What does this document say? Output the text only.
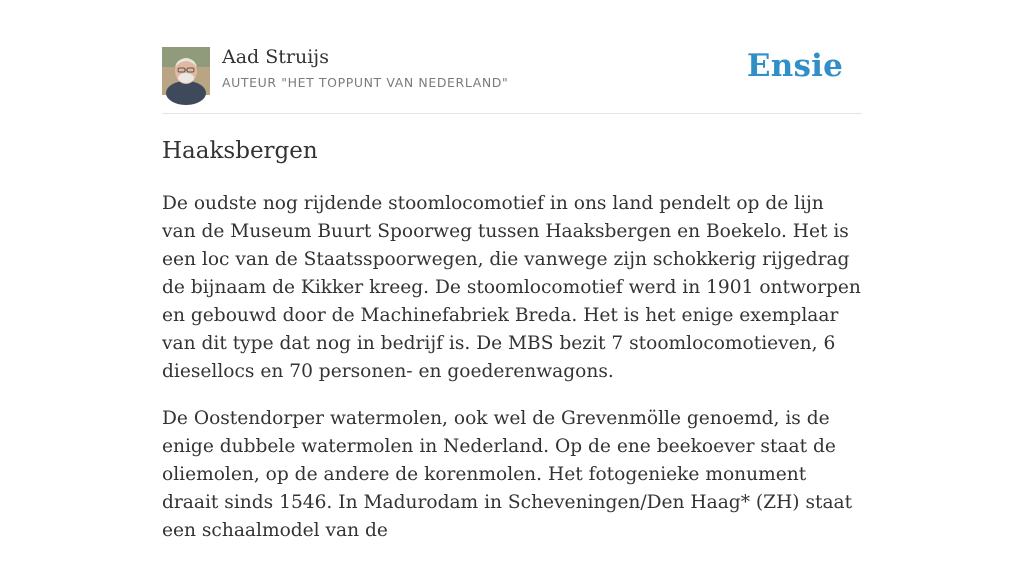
Aad Struijs
AUTEUR "HET TOPPUNT VAN NEDERLAND"	Ensie
Haaksbergen

De oudste nog rijdende stoomlocomotief in ons land pendelt op de lijn van de Museum Buurt Spoorweg tussen Haaksbergen en Boekelo. Het is een loc van de Staatsspoorwegen, die vanwege zijn schokkerig rijgedrag de bijnaam de Kikker kreeg. De stoomlocomotief werd in 1901 ontworpen en gebouwd door de Machinefabriek Breda. Het is het enige exemplaar van dit type dat nog in bedrijf is. De MBS bezit 7 stoomlocomotieven, 6 diesellocs en 70 personen- en goederenwagons.

De Oostendorper watermolen, ook wel de Grevenmölle genoemd, is de enige dubbele watermolen in Nederland. Op de ene beekoever staat de oliemolen, op de andere de korenmolen. Het fotogenieke monument draait sinds 1546. In Madurodam in Scheveningen/Den Haag* (ZH) staat een schaalmodel van de
